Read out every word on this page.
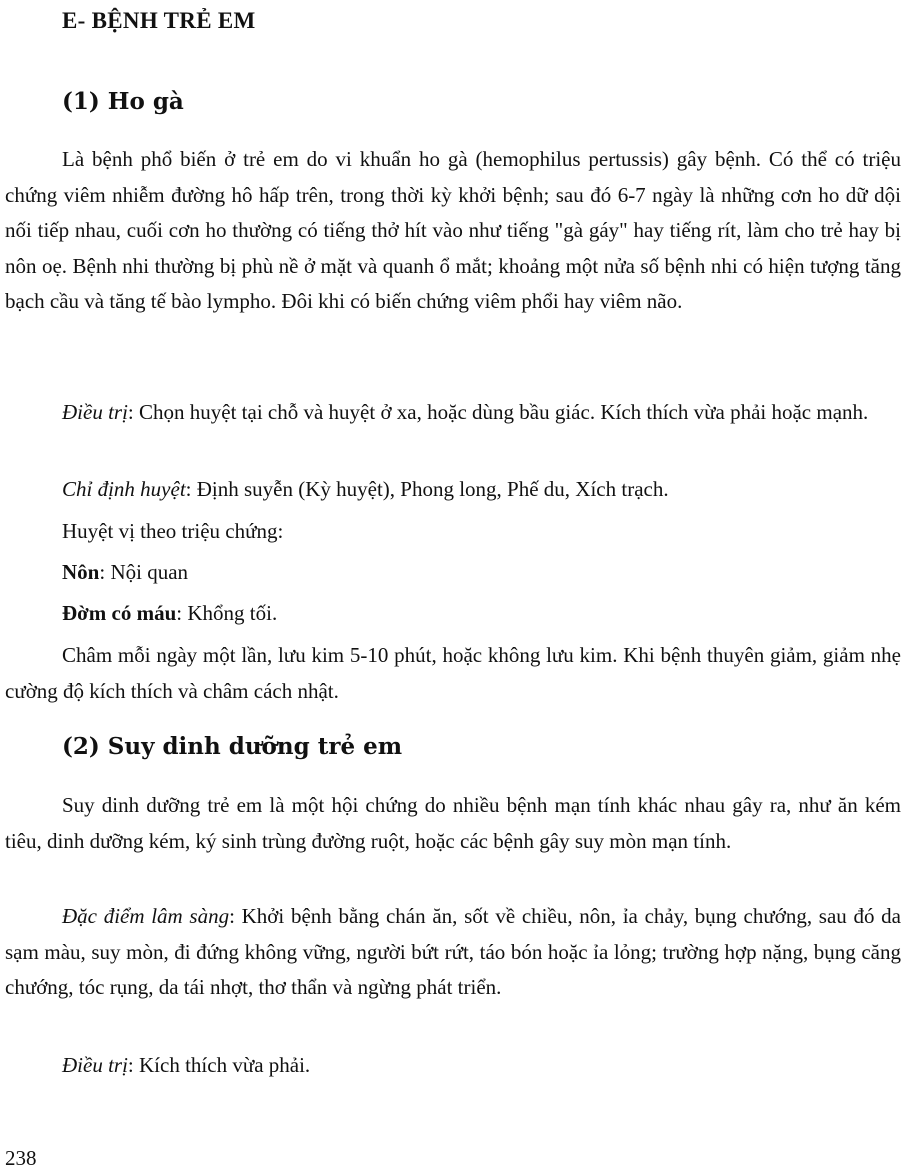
E- BỆNH TRẺ EM
(1) Ho gà

Là bệnh phổ biến ở trẻ em do vi khuẩn ho gà (hemophilus pertussis) gây bệnh. Có thể có triệu chứng viêm nhiễm đường hô hấp trên, trong thời kỳ khởi bệnh; sau đó 6-7 ngày là những cơn ho dữ dội nối tiếp nhau, cuối cơn ho thường có tiếng thở hít vào như tiếng "gà gáy" hay tiếng rít, làm cho trẻ hay bị nôn oẹ. Bệnh nhi thường bị phù nề ở mặt và quanh ổ mắt; khoảng một nửa số bệnh nhi có hiện tượng tăng bạch cầu và tăng tế bào lympho. Đôi khi có biến chứng viêm phổi hay viêm não.

Điều trị: Chọn huyệt tại chỗ và huyệt ở xa, hoặc dùng bầu giác. Kích thích vừa phải hoặc mạnh.

Chỉ định huyệt: Định suyễn (Kỳ huyệt), Phong long, Phế du, Xích trạch.

Huyệt vị theo triệu chứng:

Nôn: Nội quan

Đờm có máu: Khổng tối.

Châm mỗi ngày một lần, lưu kim 5-10 phút, hoặc không lưu kim. Khi bệnh thuyên giảm, giảm nhẹ cường độ kích thích và châm cách nhật.

(2) Suy dinh dưỡng trẻ em

Suy dinh dưỡng trẻ em là một hội chứng do nhiều bệnh mạn tính khác nhau gây ra, như ăn kém tiêu, dinh dưỡng kém, ký sinh trùng đường ruột, hoặc các bệnh gây suy mòn mạn tính.

Đặc điểm lâm sàng: Khởi bệnh bằng chán ăn, sốt về chiều, nôn, ỉa chảy, bụng chướng, sau đó da sạm màu, suy mòn, đi đứng không vững, người bứt rứt, táo bón hoặc ỉa lỏng; trường hợp nặng, bụng căng chướng, tóc rụng, da tái nhợt, thơ thẩn và ngừng phát triển.

Điều trị: Kích thích vừa phải.

238
